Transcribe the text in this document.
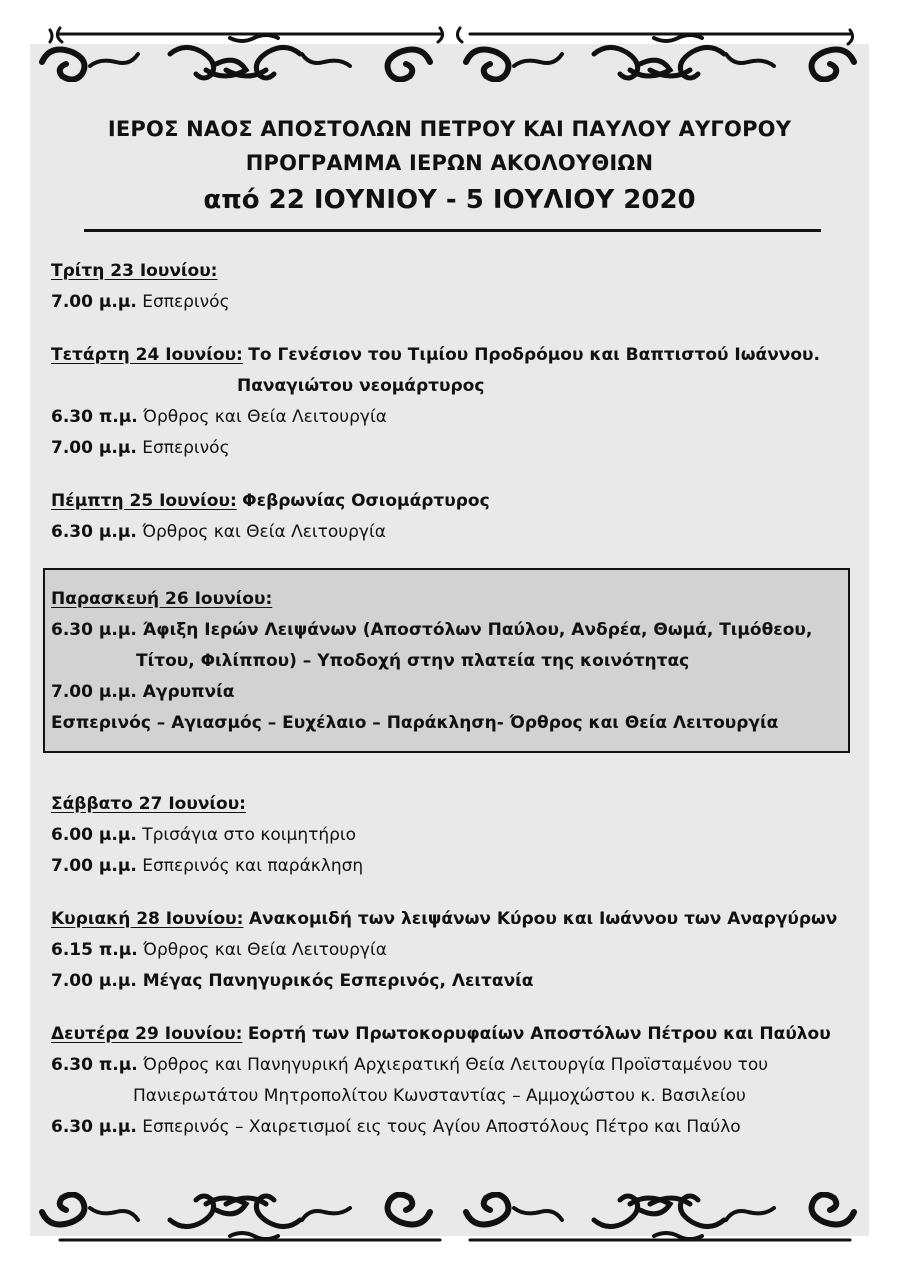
ΙΕΡΟΣ ΝΑΟΣ ΑΠΟΣΤΟΛΩΝ ΠΕΤΡΟΥ ΚΑΙ ΠΑΥΛΟΥ ΑΥΓΟΡΟΥ
ΠΡΟΓΡΑΜΜΑ ΙΕΡΩΝ ΑΚΟΛΟΥΘΙΩΝ
από 22 ΙΟΥΝΙΟΥ - 5 ΙΟΥΛΙΟΥ 2020
Τρίτη 23 Ιουνίου:
7.00 μ.μ. Εσπερινός
Τετάρτη 24 Ιουνίου: Το Γενέσιον του Τιμίου Προδρόμου και Βαπτιστού Ιωάννου.
Παναγιώτου νεομάρτυρος
6.30 π.μ. Όρθρος και Θεία Λειτουργία
7.00 μ.μ. Εσπερινός
Πέμπτη 25 Ιουνίου: Φεβρωνίας Οσιομάρτυρος
6.30 μ.μ. Όρθρος και Θεία Λειτουργία
Παρασκευή 26 Ιουνίου:
6.30 μ.μ. Άφιξη Ιερών Λειψάνων (Αποστόλων Παύλου, Ανδρέα, Θωμά, Τιμόθεου,
Τίτου, Φιλίππου) – Υποδοχή στην πλατεία της κοινότητας
7.00 μ.μ. Αγρυπνία
Εσπερινός – Αγιασμός – Ευχέλαιο – Παράκληση- Όρθρος και Θεία Λειτουργία
Σάββατο 27 Ιουνίου:
6.00 μ.μ. Τρισάγια στο κοιμητήριο
7.00 μ.μ. Εσπερινός και παράκληση
Κυριακή 28 Ιουνίου: Ανακομιδή των λειψάνων Κύρου και Ιωάννου των Αναργύρων
6.15 π.μ. Όρθρος και Θεία Λειτουργία
7.00 μ.μ. Μέγας Πανηγυρικός Εσπερινός, Λειτανία
Δευτέρα 29 Ιουνίου: Εορτή των Πρωτοκορυφαίων Αποστόλων Πέτρου και Παύλου
6.30 π.μ. Όρθρος και Πανηγυρική Αρχιερατική Θεία Λειτουργία Προϊσταμένου του
Πανιερωτάτου Μητροπολίτου Κωνσταντίας – Αμμοχώστου κ. Βασιλείου
6.30 μ.μ. Εσπερινός – Χαιρετισμοί εις τους Αγίου Αποστόλους Πέτρο και Παύλο
